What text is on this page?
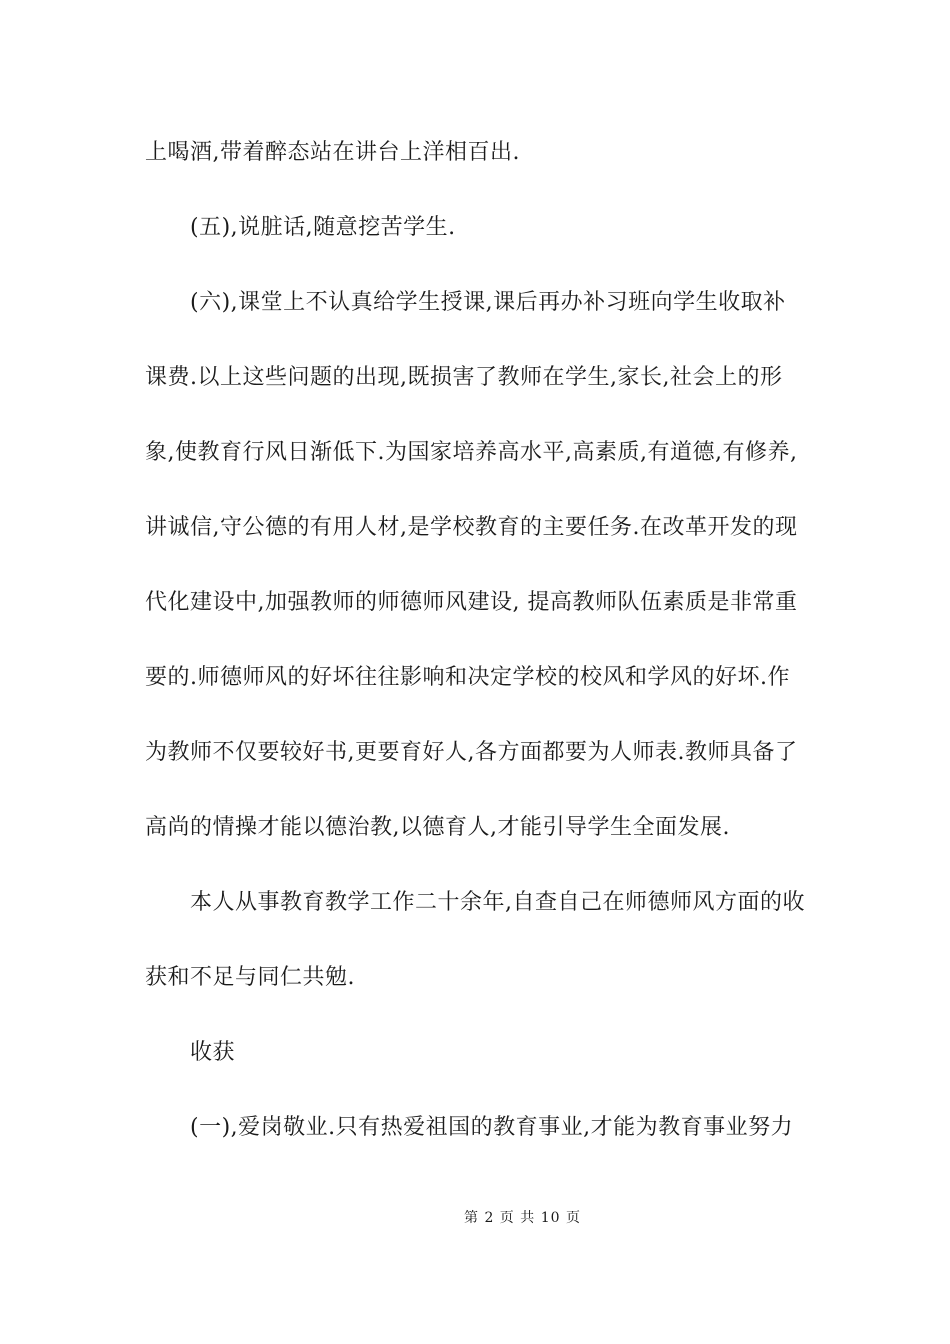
上喝酒,带着醉态站在讲台上洋相百出.
(五),说脏话,随意挖苦学生.
(六),课堂上不认真给学生授课,课后再办补习班向学生收取补
课费.以上这些问题的出现,既损害了教师在学生,家长,社会上的形
象,使教育行风日渐低下.为国家培养高水平,高素质,有道德,有修养,
讲诚信,守公德的有用人材,是学校教育的主要任务.在改革开发的现
代化建设中,加强教师的师德师风建设, 提高教师队伍素质是非常重
要的.师德师风的好坏往往影响和决定学校的校风和学风的好坏.作
为教师不仅要较好书,更要育好人,各方面都要为人师表.教师具备了
高尚的情操才能以德治教,以德育人,才能引导学生全面发展.
本人从事教育教学工作二十余年,自查自己在师德师风方面的收
获和不足与同仁共勉.
收获
(一),爱岗敬业.只有热爱祖国的教育事业,才能为教育事业努力
第 2 页 共 10 页
